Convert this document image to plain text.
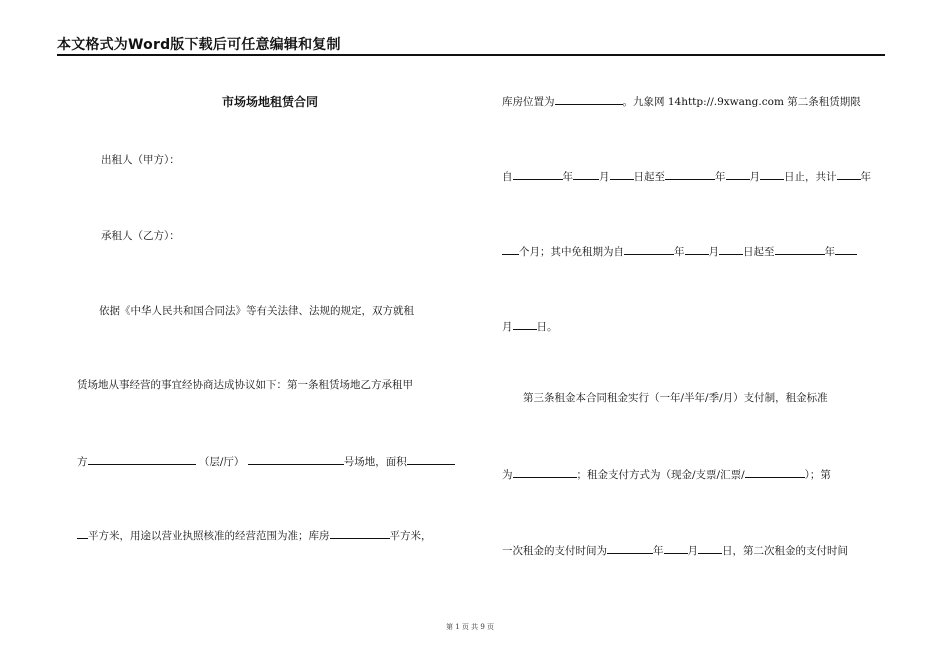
本文格式为Word版下载后可任意编辑和复制
市场场地租赁合同
出租人（甲方）：
承租人（乙方）：
依据《中华人民共和国合同法》等有关法律、法规的规定，双方就租
赁场地从事经营的事宜经协商达成协议如下：第一条租赁场地乙方承租甲
方	（层/厅）	号场地，面积
平方米，用途以营业执照核准的经营范围为准；库房	平方米，
库房位置为	。九象网 14http://.9xwang.com 第二条租赁期限
自	年 月 日起至	年 月 日止，共计 年
个月；其中免租期为自	年 月 日起至	年
月 日。
第三条租金本合同租金实行（一年/半年/季/月）支付制，租金标准
为	；租金支付方式为（现金/支票/汇票/	）；第
一次租金的支付时间为	年 月 日，第二次租金的支付时间
第 1 页 共 9 页
